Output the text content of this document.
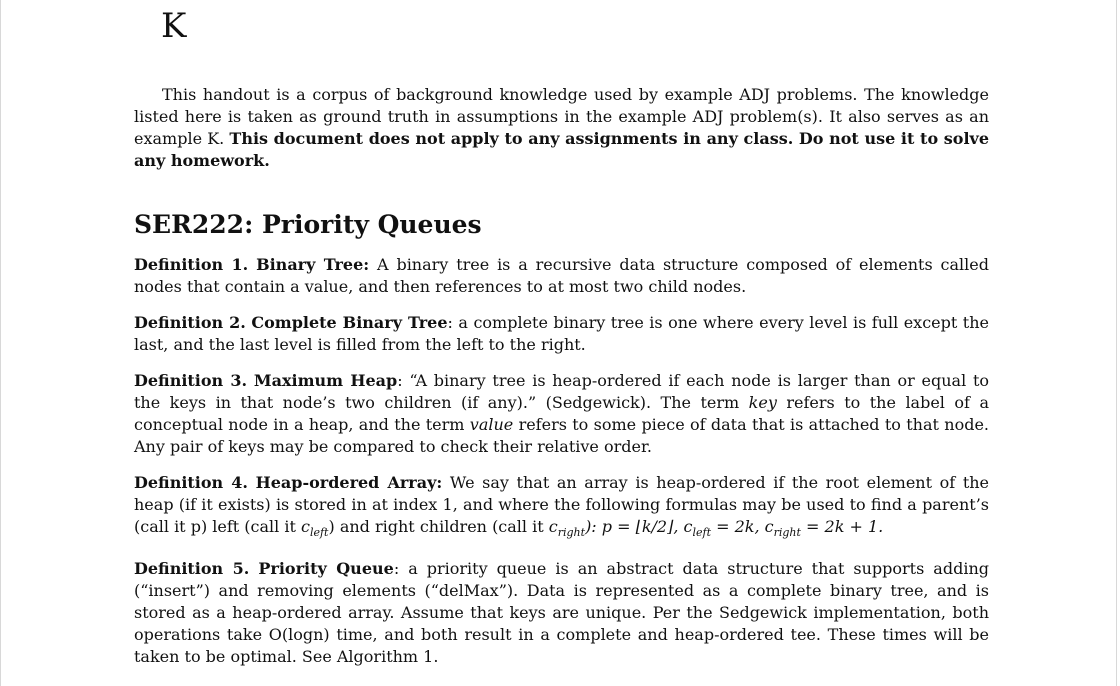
K

This handout is a corpus of background knowledge used by example ADJ problems. The knowledge listed here is taken as ground truth in assumptions in the example ADJ problem(s). It also serves as an example K. This document does not apply to any assignments in any class. Do not use it to solve any homework.

SER222: Priority Queues

Definition 1. Binary Tree: A binary tree is a recursive data structure composed of elements called nodes that contain a value, and then references to at most two child nodes.

Definition 2. Complete Binary Tree: a complete binary tree is one where every level is full except the last, and the last level is filled from the left to the right.

Definition 3. Maximum Heap: “A binary tree is heap-ordered if each node is larger than or equal to the keys in that node’s two children (if any).” (Sedgewick). The term key refers to the label of a conceptual node in a heap, and the term value refers to some piece of data that is attached to that node. Any pair of keys may be compared to check their relative order.

Definition 4. Heap-ordered Array: We say that an array is heap-ordered if the root element of the heap (if it exists) is stored in at index 1, and where the following formulas may be used to find a parent’s (call it p) left (call it $c_{left}$) and right children (call it $c_{right}$): p = ⌊k/2⌋, $c_{left} = 2k$, $c_{right} = 2k + 1$.

Definition 5. Priority Queue: a priority queue is an abstract data structure that supports adding (“insert”) and removing elements (“delMax”). Data is represented as a complete binary tree, and is stored as a heap-ordered array. Assume that keys are unique. Per the Sedgewick implementation, both operations take O(logn) time, and both result in a complete and heap-ordered tee. These times will be taken to be optimal. See Algorithm 1.
